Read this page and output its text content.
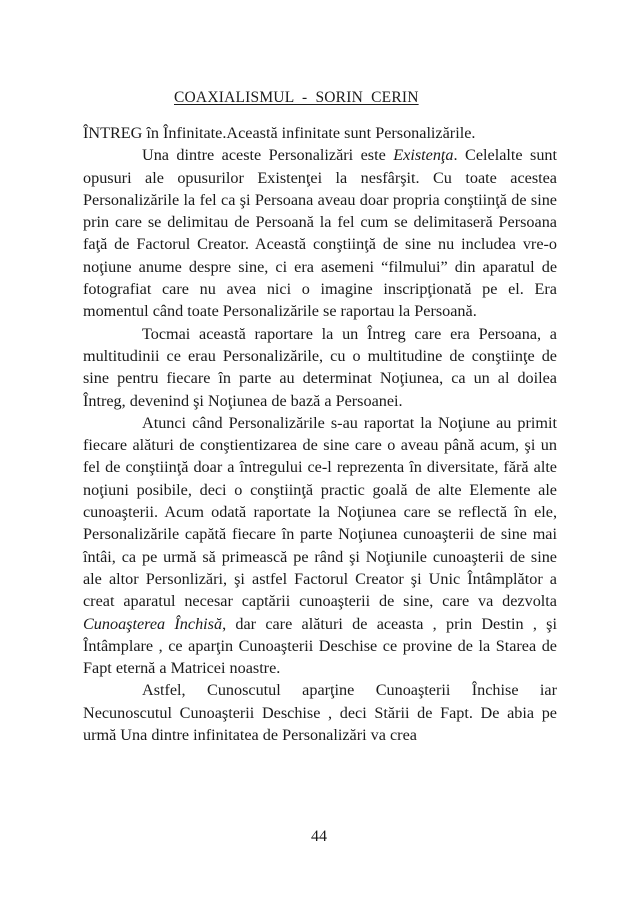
COAXIALISMUL  -  SORIN  CERIN

ÎNTREG în Înfinitate.Această infinitate sunt Personalizările.

Una dintre aceste Personalizări este Existenţa. Celelalte sunt opusuri ale opusurilor Existenţei la nesfârşit. Cu toate acestea Personalizările la fel ca şi Persoana aveau doar propria conştiinţă de sine prin care se delimitau de Persoană la fel cum se delimitaseră Persoana faţă de Factorul Creator. Această conştiinţă de sine nu includea vre-o noţiune anume despre sine, ci era asemeni “filmului” din aparatul de fotografiat care nu avea nici o imagine inscripţionată pe el. Era momentul când toate Personalizările se raportau la Persoană.

Tocmai această raportare la un Întreg care era Persoana, a multitudinii ce erau Personalizările, cu o multitudine de conştiinţe de sine pentru fiecare în parte au determinat Noţiunea, ca un al doilea Întreg, devenind şi Noţiunea de bază a Persoanei.

Atunci când Personalizările s-au raportat la Noţiune au primit fiecare alături de conştientizarea de sine care o aveau până acum, şi un fel de conştiinţă doar a întregului ce-l reprezenta în diversitate, fără alte noţiuni posibile, deci o conştiinţă practic goală de alte Elemente ale cunoaşterii. Acum odată raportate la Noţiunea care se reflectă în ele, Personalizările capătă fiecare în parte Noţiunea cunoaşterii de sine mai întâi, ca pe urmă să primească pe rând şi Noţiunile cunoaşterii de sine ale altor Personlizări, şi astfel Factorul Creator şi Unic Întâmplător a creat aparatul necesar captării cunoaşterii de sine, care va dezvolta Cunoaşterea Închisă, dar care alături de aceasta , prin Destin , şi Întâmplare , ce aparţin Cunoaşterii Deschise ce provine de la Starea de Fapt eternă a Matricei noastre.

Astfel, Cunoscutul aparţine Cunoaşterii Închise iar Necunoscutul Cunoaşterii Deschise , deci Stării de Fapt. De abia pe urmă Una dintre infinitatea de Personalizări va crea

44
